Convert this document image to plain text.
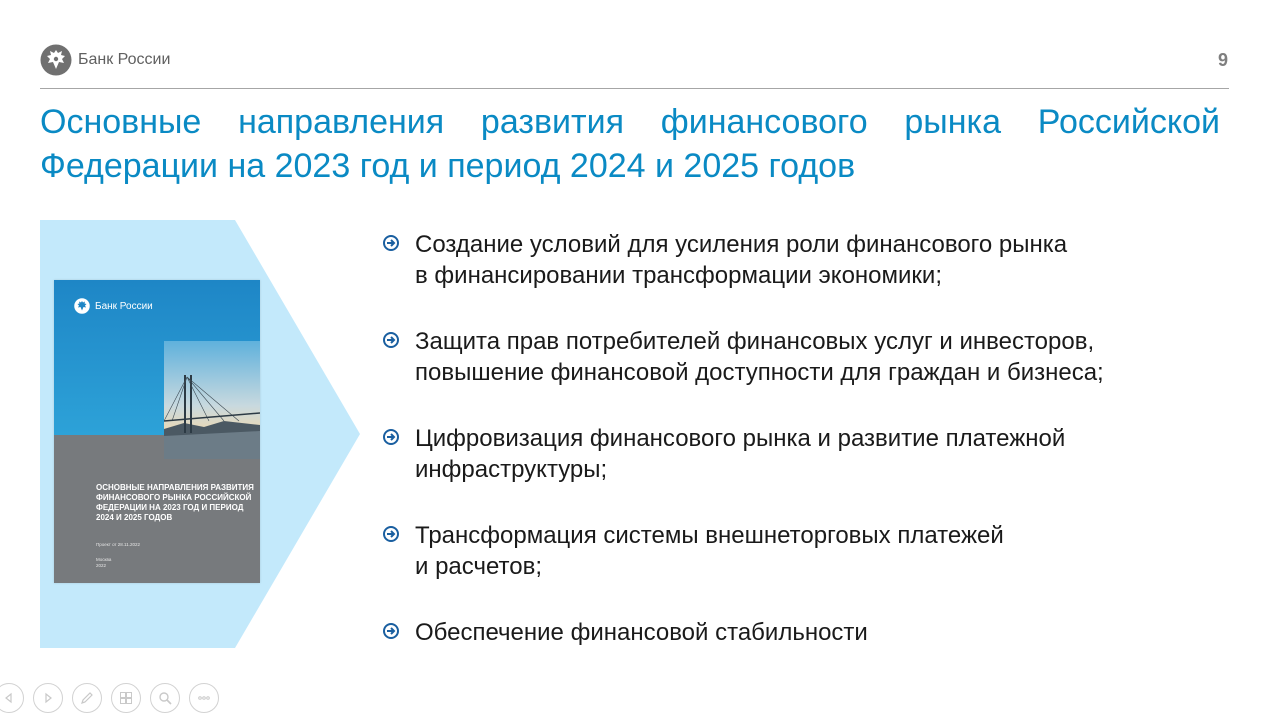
Банк России	9
Основные направления развития финансового рынка Российской Федерации на 2023 год и период 2024 и 2025 годов
Банк России
ОСНОВНЫЕ НАПРАВЛЕНИЯ РАЗВИТИЯ ФИНАНСОВОГО РЫНКА РОССИЙСКОЙ ФЕДЕРАЦИИ НА 2023 ГОД И ПЕРИОД 2024 И 2025 ГОДОВ
Проект от 28.11.2022
Москва
2022
Создание условий для усиления роли финансового рынка
в финансировании трансформации экономики;
Защита прав потребителей финансовых услуг и инвесторов,
повышение финансовой доступности для граждан и бизнеса;
Цифровизация финансового рынка и развитие платежной
инфраструктуры;
Трансформация системы внешнеторговых платежей
и расчетов;
Обеспечение финансовой стабильности
